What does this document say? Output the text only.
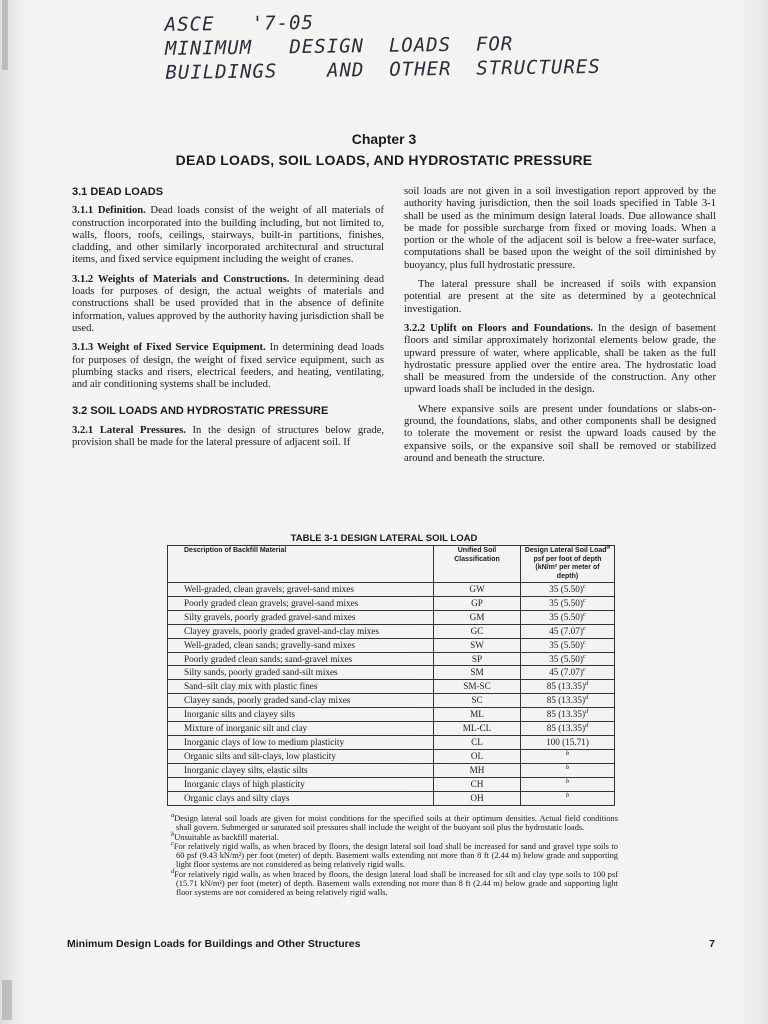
ASCE   '7-05
MINIMUM   DESIGN  LOADS  FOR
BUILDINGS    AND  OTHER  STRUCTURES
Chapter 3
DEAD LOADS, SOIL LOADS, AND HYDROSTATIC PRESSURE
3.1 DEAD LOADS

3.1.1 Definition. Dead loads consist of the weight of all materials of construction incorporated into the building including, but not limited to, walls, floors, roofs, ceilings, stairways, built-in partitions, finishes, cladding, and other similarly incorporated architectural and structural items, and fixed service equipment including the weight of cranes.

3.1.2 Weights of Materials and Constructions. In determining dead loads for purposes of design, the actual weights of materials and constructions shall be used provided that in the absence of definite information, values approved by the authority having jurisdiction shall be used.

3.1.3 Weight of Fixed Service Equipment. In determining dead loads for purposes of design, the weight of fixed service equipment, such as plumbing stacks and risers, electrical feeders, and heating, ventilating, and air conditioning systems shall be included.

3.2 SOIL LOADS AND HYDROSTATIC PRESSURE

3.2.1 Lateral Pressures. In the design of structures below grade, provision shall be made for the lateral pressure of adjacent soil. If

soil loads are not given in a soil investigation report approved by the authority having jurisdiction, then the soil loads specified in Table 3-1 shall be used as the minimum design lateral loads. Due allowance shall be made for possible surcharge from fixed or moving loads. When a portion or the whole of the adjacent soil is below a free-water surface, computations shall be based upon the weight of the soil diminished by buoyancy, plus full hydrostatic pressure.

The lateral pressure shall be increased if soils with expansion potential are present at the site as determined by a geotechnical investigation.

3.2.2 Uplift on Floors and Foundations. In the design of basement floors and similar approximately horizontal elements below grade, the upward pressure of water, where applicable, shall be taken as the full hydrostatic pressure applied over the entire area. The hydrostatic load shall be measured from the underside of the construction. Any other upward loads shall be included in the design.

Where expansive soils are present under foundations or slabs-on-ground, the foundations, slabs, and other components shall be designed to tolerate the movement or resist the upward loads caused by the expansive soils, or the expansive soil shall be removed or stabilized around and beneath the structure.

TABLE 3-1 DESIGN LATERAL SOIL LOAD
Description of Backfill Material	Unified Soil
Classification	Design Lateral Soil Load$^a$
psf per foot of depth
(kN/m² per meter of depth)
Well-graded, clean gravels; gravel-sand mixes	GW	35 $(5.50)^c$
Poorly graded clean gravels; gravel-sand mixes	GP	35 $(5.50)^c$
Silty gravels, poorly graded gravel-sand mixes	GM	35 $(5.50)^c$
Clayey gravels, poorly graded gravel-and-clay mixes	GC	45 $(7.07)^c$
Well-graded, clean sands; gravelly-sand mixes	SW	35 $(5.50)^c$
Poorly graded clean sands; sand-gravel mixes	SP	35 $(5.50)^c$
Silty sands, poorly graded sand-silt mixes	SM	45 $(7.07)^c$
Sand–silt clay mix with plastic fines	SM-SC	85 $(13.35)^d$
Clayey sands, poorly graded sand-clay mixes	SC	85 $(13.35)^d$
Inorganic silts and clayey silts	ML	85 $(13.35)^d$
Mixture of inorganic silt and clay	ML-CL	85 $(13.35)^d$
Inorganic clays of low to medium plasticity	CL	100 (15.71)
Organic silts and silt-clays, low plasticity	OL	$^b$
Inorganic clayey silts, elastic silts	MH	$^b$
Inorganic clays of high plasticity	CH	$^b$
Organic clays and silty clays	OH	$^b$
$^a$Design lateral soil loads are given for moist conditions for the specified soils at their optimum densities. Actual field conditions shall govern. Submerged or saturated soil pressures shall include the weight of the buoyant soil plus the hydrostatic loads.
$^b$Unsuitable as backfill material.
$^c$For relatively rigid walls, as when braced by floors, the design lateral soil load shall be increased for sand and gravel type soils to 60 psf (9.43 kN/m²) per foot (meter) of depth. Basement walls extending not more than 8 ft (2.44 m) below grade and supporting light floor systems are not considered as being relatively rigid walls.
$^d$For relatively rigid walls, as when braced by floors, the design lateral load shall be increased for silt and clay type soils to 100 psf (15.71 kN/m²) per foot (meter) of depth. Basement walls extending not more than 8 ft (2.44 m) below grade and supporting light floor systems are not considered as being relatively rigid walls.
Minimum Design Loads for Buildings and Other Structures	7
